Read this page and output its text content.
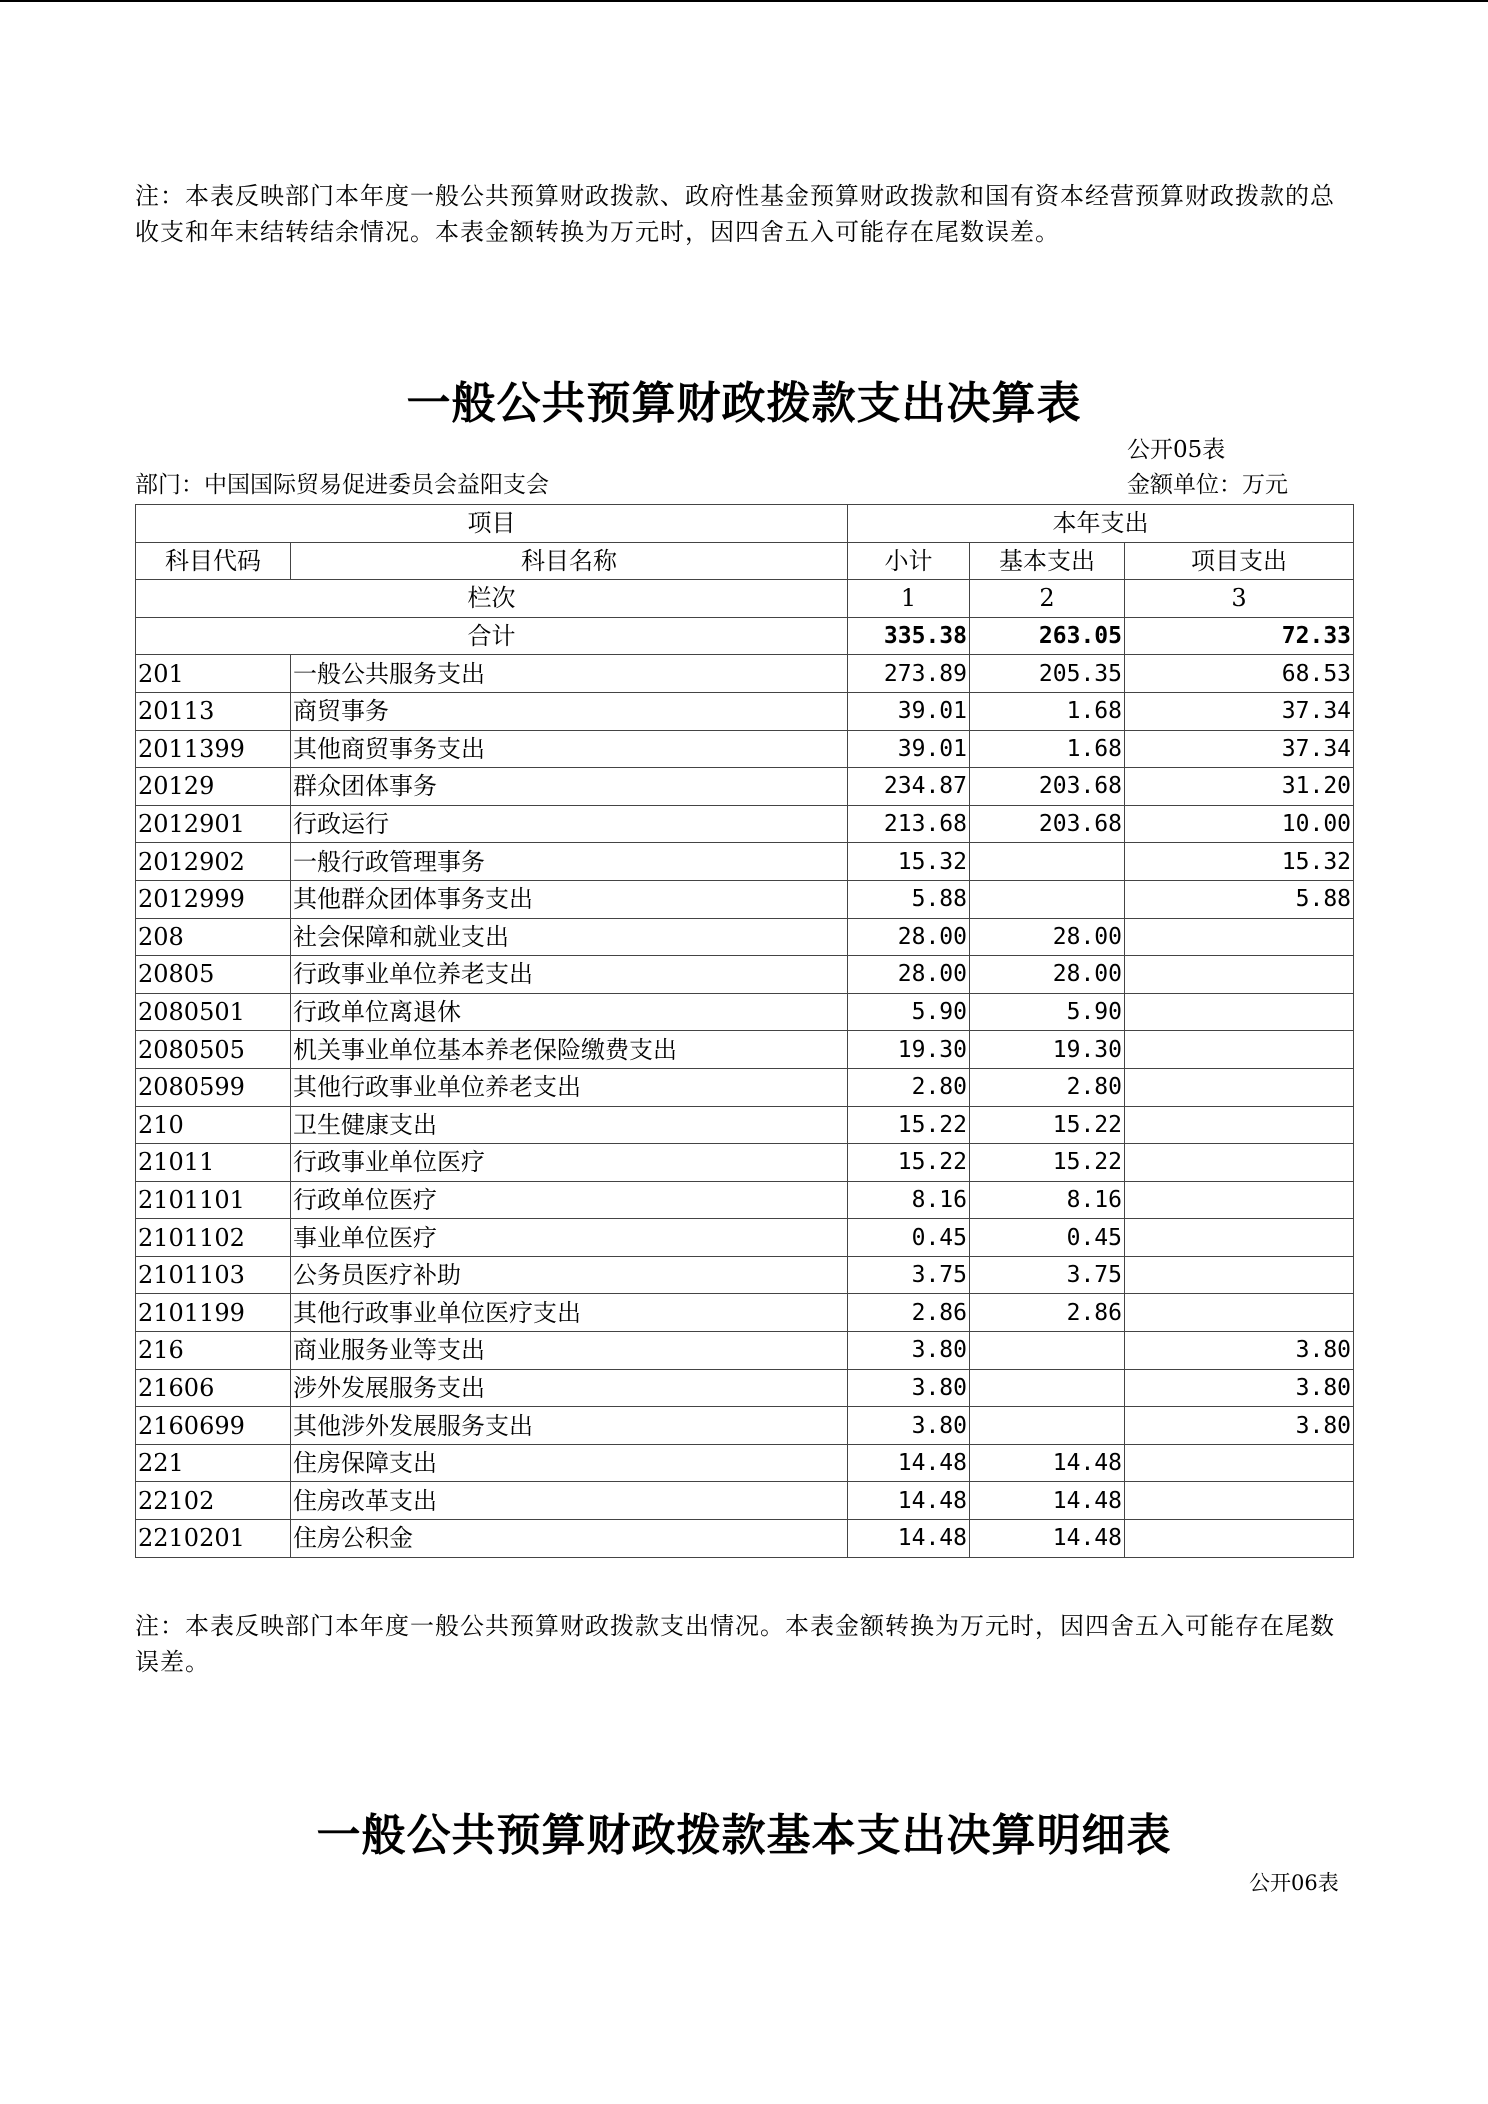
注：本表反映部门本年度一般公共预算财政拨款、政府性基金预算财政拨款和国有资本经营预算财政拨款的总收支和年末结转结余情况。本表金额转换为万元时，因四舍五入可能存在尾数误差。

一般公共预算财政拨款支出决算表
公开05表
部门：中国国际贸易促进委员会益阳支会	金额单位：万元
项目		本年支出		
科目代码	科目名称	小计	基本支出	项目支出
栏次		1	2	3
合计		335.38	263.05	72.33
201	一般公共服务支出	273.89	205.35	68.53
20113	商贸事务	39.01	1.68	37.34
2011399	其他商贸事务支出	39.01	1.68	37.34
20129	群众团体事务	234.87	203.68	31.20
2012901	行政运行	213.68	203.68	10.00
2012902	一般行政管理事务	15.32		15.32
2012999	其他群众团体事务支出	5.88		5.88
208	社会保障和就业支出	28.00	28.00	
20805	行政事业单位养老支出	28.00	28.00	
2080501	行政单位离退休	5.90	5.90	
2080505	机关事业单位基本养老保险缴费支出	19.30	19.30	
2080599	其他行政事业单位养老支出	2.80	2.80	
210	卫生健康支出	15.22	15.22	
21011	行政事业单位医疗	15.22	15.22	
2101101	行政单位医疗	8.16	8.16	
2101102	事业单位医疗	0.45	0.45	
2101103	公务员医疗补助	3.75	3.75	
2101199	其他行政事业单位医疗支出	2.86	2.86	
216	商业服务业等支出	3.80		3.80
21606	涉外发展服务支出	3.80		3.80
2160699	其他涉外发展服务支出	3.80		3.80
221	住房保障支出	14.48	14.48	
22102	住房改革支出	14.48	14.48	
2210201	住房公积金	14.48	14.48	

注：本表反映部门本年度一般公共预算财政拨款支出情况。本表金额转换为万元时，因四舍五入可能存在尾数误差。

一般公共预算财政拨款基本支出决算明细表
公开06表
